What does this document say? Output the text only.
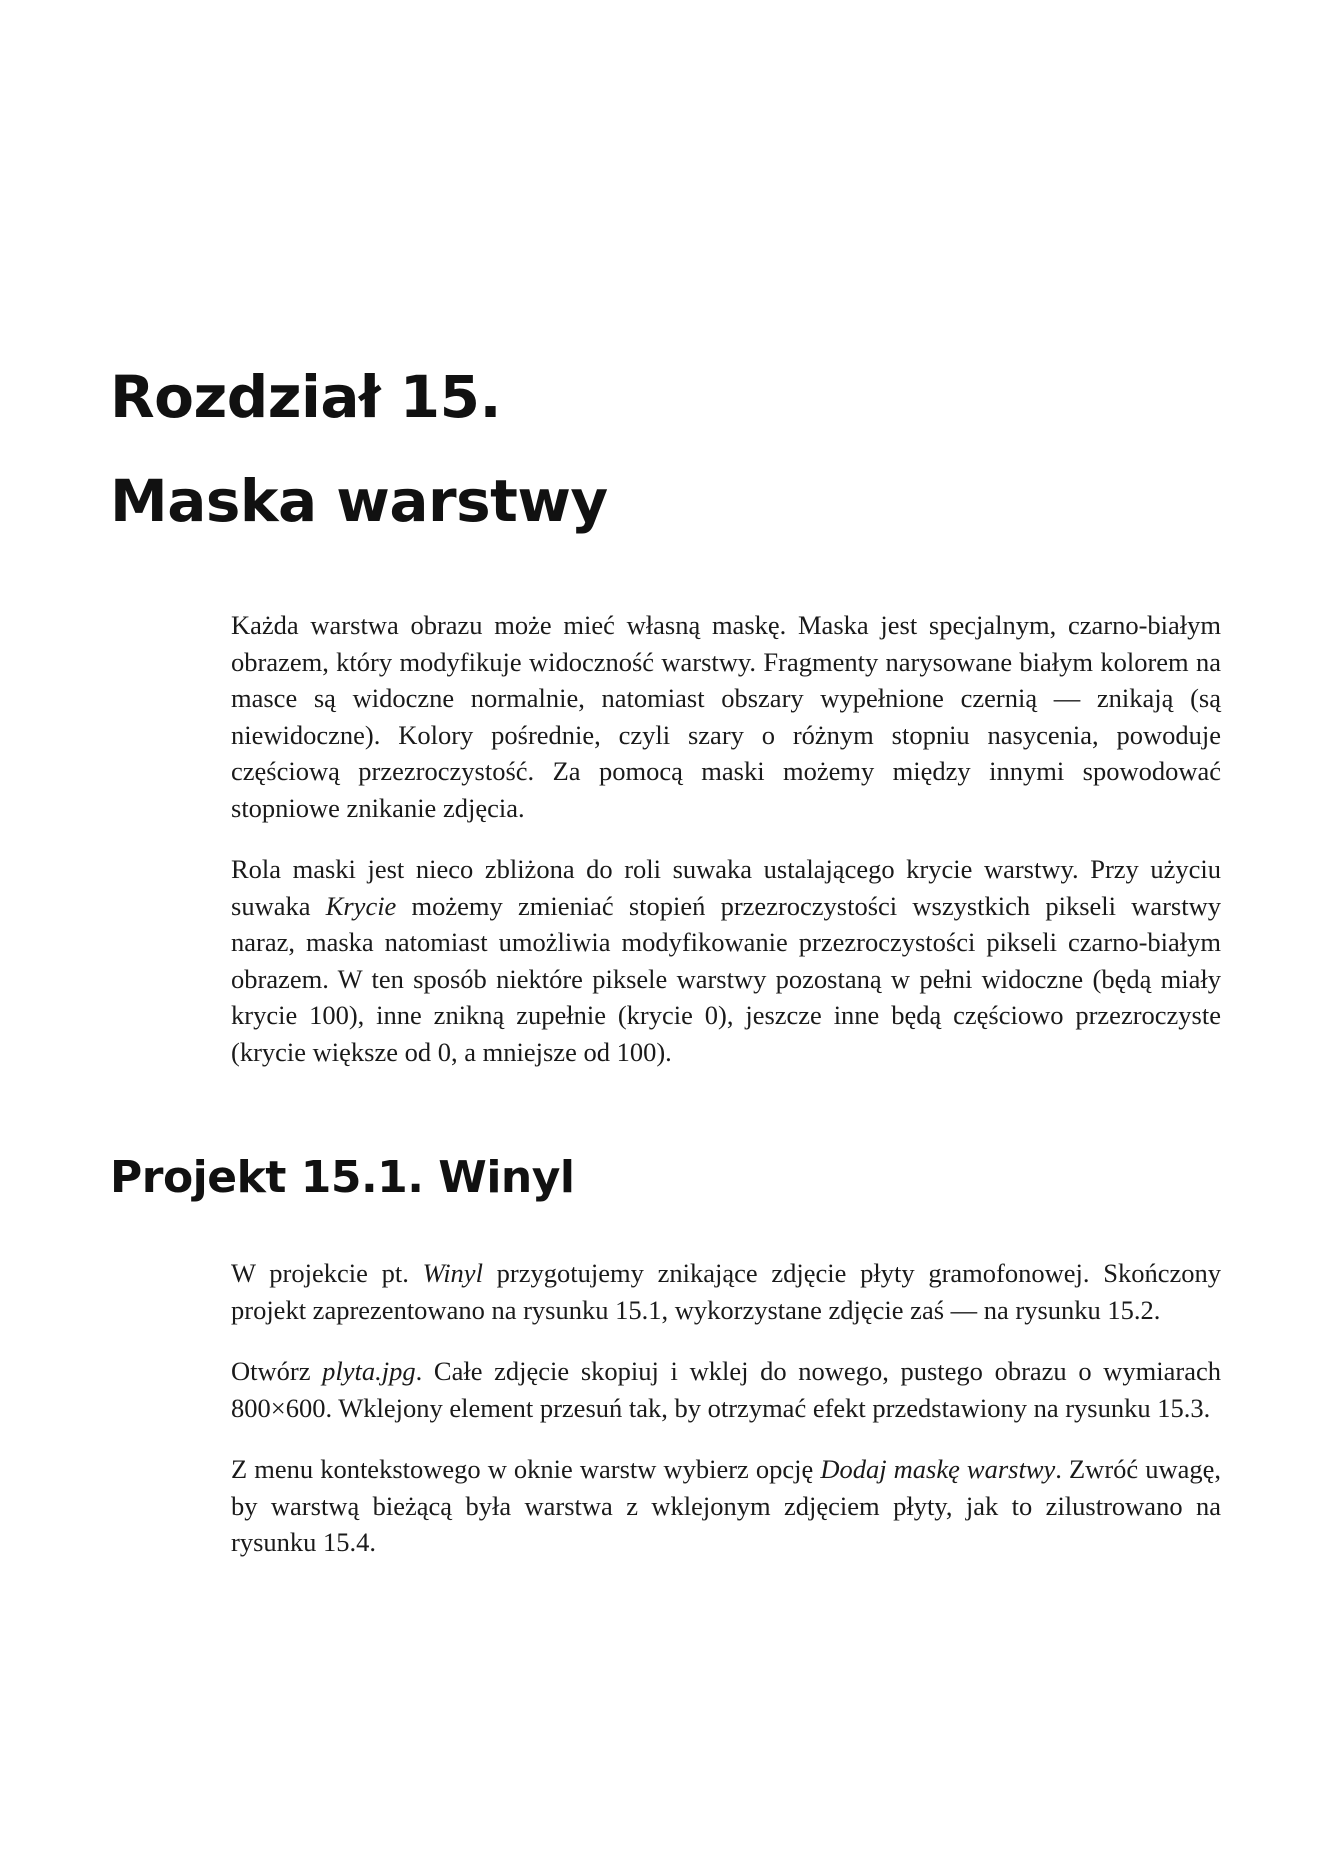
Rozdział 15.
Maska warstwy

Każda warstwa obrazu może mieć własną maskę. Maska jest specjalnym, czarno-białym obrazem, który modyfikuje widoczność warstwy. Fragmenty narysowane białym kolorem na masce są widoczne normalnie, natomiast obszary wypełnione czernią — znikają (są niewidoczne). Kolory pośrednie, czyli szary o różnym stopniu nasycenia, powoduje częściową przezroczystość. Za pomocą maski możemy między innymi spowodować stopniowe znikanie zdjęcia.

Rola maski jest nieco zbliżona do roli suwaka ustalającego krycie warstwy. Przy użyciu suwaka Krycie możemy zmieniać stopień przezroczystości wszystkich pikseli warstwy naraz, maska natomiast umożliwia modyfikowanie przezroczystości pikseli czarno-białym obrazem. W ten sposób niektóre piksele warstwy pozostaną w pełni widoczne (będą miały krycie 100), inne znikną zupełnie (krycie 0), jeszcze inne będą częściowo przezroczyste (krycie większe od 0, a mniejsze od 100).

Projekt 15.1. Winyl

W projekcie pt. Winyl przygotujemy znikające zdjęcie płyty gramofonowej. Skończony projekt zaprezentowano na rysunku 15.1, wykorzystane zdjęcie zaś — na rysunku 15.2.

Otwórz plyta.jpg. Całe zdjęcie skopiuj i wklej do nowego, pustego obrazu o wymiarach 800×600. Wklejony element przesuń tak, by otrzymać efekt przedstawiony na rysunku 15.3.

Z menu kontekstowego w oknie warstw wybierz opcję Dodaj maskę warstwy. Zwróć uwagę, by warstwą bieżącą była warstwa z wklejonym zdjęciem płyty, jak to zilustrowano na rysunku 15.4.
